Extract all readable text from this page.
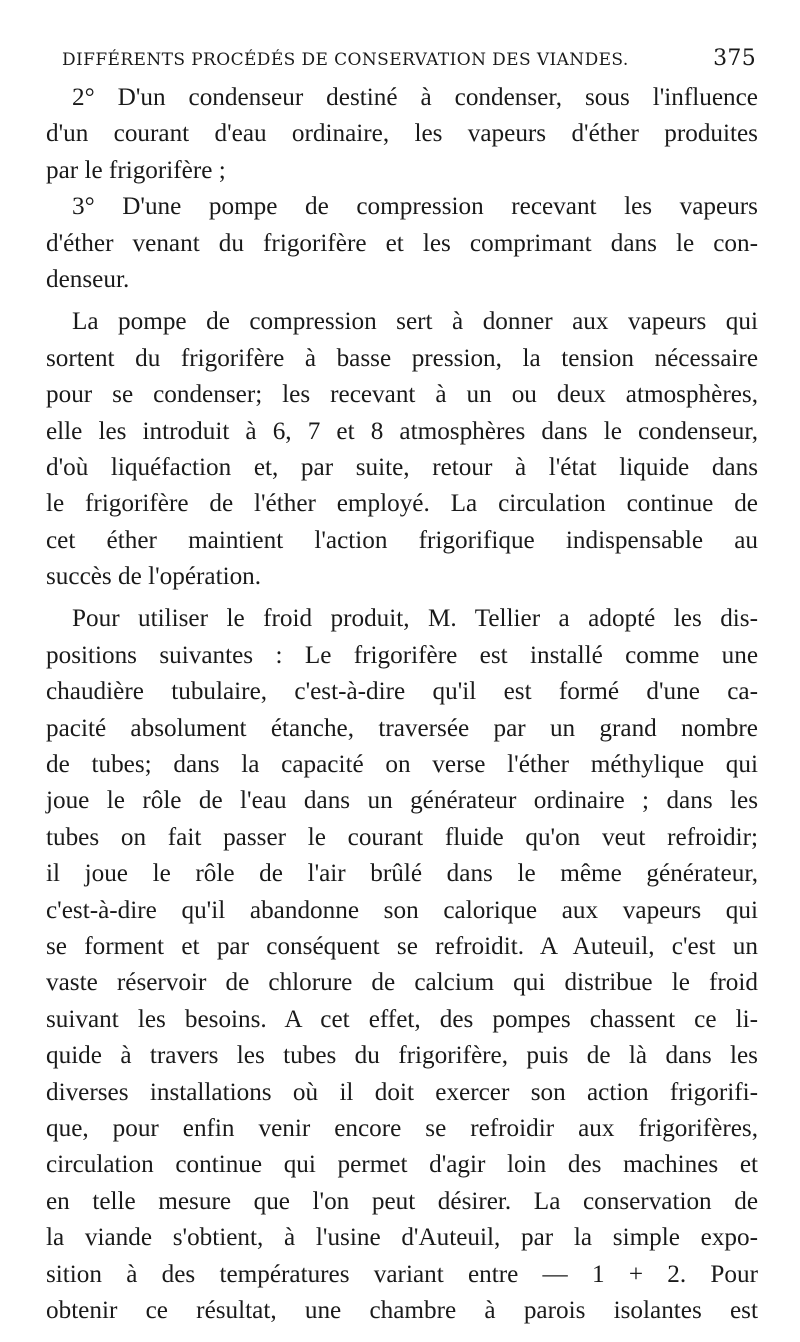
DIFFÉRENTS PROCÉDÉS DE CONSERVATION DES VIANDES.	375
2° D'un condenseur destiné à condenser, sous l'influence
d'un courant d'eau ordinaire, les vapeurs d'éther produites
par le frigorifère ;
3° D'une pompe de compression recevant les vapeurs
d'éther venant du frigorifère et les comprimant dans le con-
denseur.
La pompe de compression sert à donner aux vapeurs qui
sortent du frigorifère à basse pression, la tension nécessaire
pour se condenser; les recevant à un ou deux atmosphères,
elle les introduit à 6, 7 et 8 atmosphères dans le condenseur,
d'où liquéfaction et, par suite, retour à l'état liquide dans
le frigorifère de l'éther employé. La circulation continue de
cet éther maintient l'action frigorifique indispensable au
succès de l'opération.
Pour utiliser le froid produit, M. Tellier a adopté les dis-
positions suivantes : Le frigorifère est installé comme une
chaudière tubulaire, c'est-à-dire qu'il est formé d'une ca-
pacité absolument étanche, traversée par un grand nombre
de tubes; dans la capacité on verse l'éther méthylique qui
joue le rôle de l'eau dans un générateur ordinaire ; dans les
tubes on fait passer le courant fluide qu'on veut refroidir;
il joue le rôle de l'air brûlé dans le même générateur,
c'est-à-dire qu'il abandonne son calorique aux vapeurs qui
se forment et par conséquent se refroidit. A Auteuil, c'est un
vaste réservoir de chlorure de calcium qui distribue le froid
suivant les besoins. A cet effet, des pompes chassent ce li-
quide à travers les tubes du frigorifère, puis de là dans les
diverses installations où il doit exercer son action frigorifi-
que, pour enfin venir encore se refroidir aux frigorifères,
circulation continue qui permet d'agir loin des machines et
en telle mesure que l'on peut désirer. La conservation de
la viande s'obtient, à l'usine d'Auteuil, par la simple expo-
sition à des températures variant entre — 1 + 2. Pour
obtenir ce résultat, une chambre à parois isolantes est
